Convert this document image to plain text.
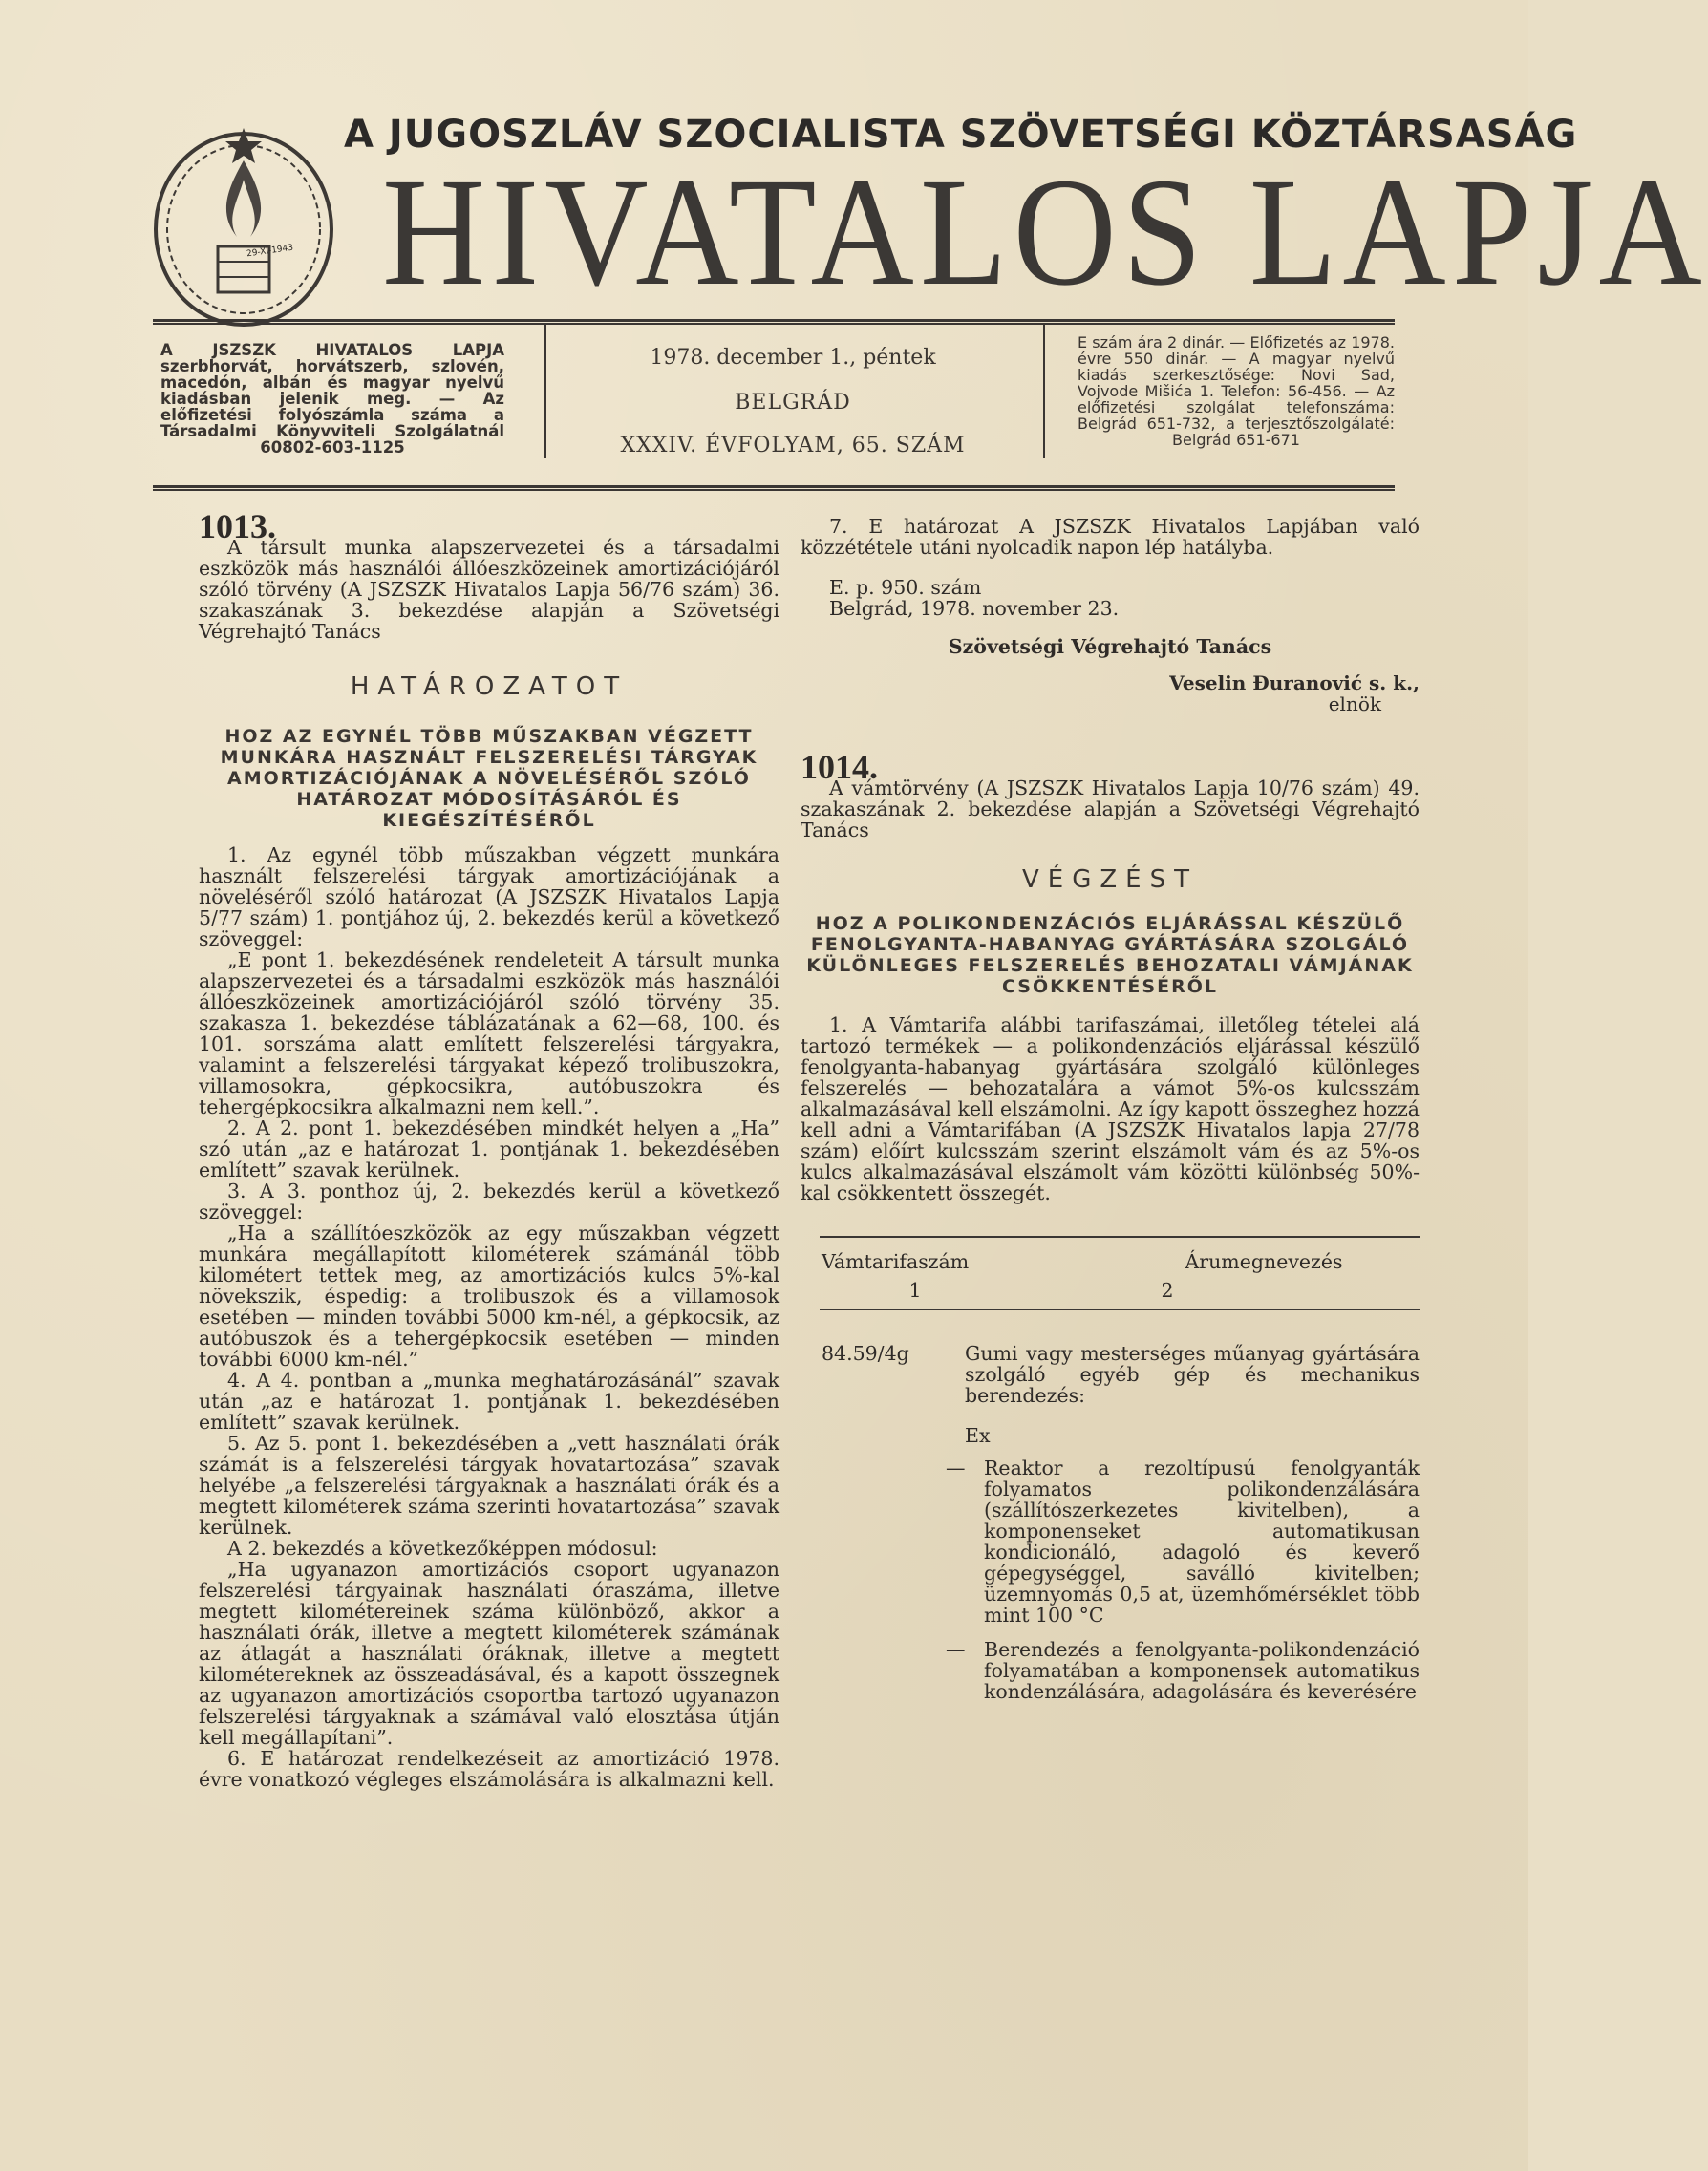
29-XI-1943
A JUGOSZLÁV SZOCIALISTA SZÖVETSÉGI KÖZTÁRSASÁG
HIVATALOS LAPJA
A JSZSZK HIVATALOS LAPJA szerbhorvát, horvátszerb, szlovén, macedón, albán és magyar nyelvű kiadásban jelenik meg. — Az előfizetési folyószámla száma a Társadalmi Könyvviteli Szolgálatnál 60802-603-1125
1978. december 1., péntek
BELGRÁD
XXXIV. ÉVFOLYAM, 65. SZÁM
E szám ára 2 dinár. — Előfizetés az 1978. évre 550 dinár. — A magyar nyelvű kiadás szerkesztősége: Novi Sad, Vojvode Mišića 1. Telefon: 56-456. — Az előfizetési szolgálat telefonszáma: Belgrád 651-732, a terjesztőszolgálaté: Belgrád 651-671
1013.

A társult munka alapszervezetei és a társadalmi eszközök más használói állóeszközeinek amortizációjáról szóló törvény (A JSZSZK Hivatalos Lapja 56/76 szám) 36. szakaszának 3. bekezdése alapján a Szövetségi Végrehajtó Tanács

HATÁROZATOT
HOZ AZ EGYNÉL TÖBB MŰSZAKBAN VÉGZETT MUNKÁRA HASZNÁLT FELSZERELÉSI TÁRGYAK AMORTIZÁCIÓJÁNAK A NÖVELÉSÉRŐL SZÓLÓ HATÁROZAT MÓDOSÍTÁSÁRÓL ÉS KIEGÉSZÍTÉSÉRŐL

1. Az egynél több műszakban végzett munkára használt felszerelési tárgyak amortizációjának a növeléséről szóló határozat (A JSZSZK Hivatalos Lapja 5/77 szám) 1. pontjához új, 2. bekezdés kerül a következő szöveggel:

„E pont 1. bekezdésének rendeleteit A társult munka alapszervezetei és a társadalmi eszközök más használói állóeszközeinek amortizációjáról szóló törvény 35. szakasza 1. bekezdése táblázatának a 62—68, 100. és 101. sorszáma alatt említett felszerelési tárgyakra, valamint a felszerelési tárgyakat képező trolibuszokra, villamosokra, gépkocsikra, autóbuszokra és tehergépkocsikra alkalmazni nem kell.”.

2. A 2. pont 1. bekezdésében mindkét helyen a „Ha” szó után „az e határozat 1. pontjának 1. bekezdésében említett” szavak kerülnek.

3. A 3. ponthoz új, 2. bekezdés kerül a következő szöveggel:

„Ha a szállítóeszközök az egy műszakban végzett munkára megállapított kilométerek számánál több kilométert tettek meg, az amortizációs kulcs 5%-kal növekszik, éspedig: a trolibuszok és a villamosok esetében — minden további 5000 km-nél, a gépkocsik, az autóbuszok és a tehergépkocsik esetében — minden további 6000 km-nél.”

4. A 4. pontban a „munka meghatározásánál” szavak után „az e határozat 1. pontjának 1. bekezdésében említett” szavak kerülnek.

5. Az 5. pont 1. bekezdésében a „vett használati órák számát is a felszerelési tárgyak hovatartozása” szavak helyébe „a felszerelési tárgyaknak a használati órák és a megtett kilométerek száma szerinti hovatartozása” szavak kerülnek.

A 2. bekezdés a következőképpen módosul:

„Ha ugyanazon amortizációs csoport ugyanazon felszerelési tárgyainak használati óraszáma, illetve megtett kilométereinek száma különböző, akkor a használati órák, illetve a megtett kilométerek számának az átlagát a használati óráknak, illetve a megtett kilométereknek az összeadásával, és a kapott összegnek az ugyanazon amortizációs csoportba tartozó ugyanazon felszerelési tárgyaknak a számával való elosztása útján kell megállapítani”.

6. E határozat rendelkezéseit az amortizáció 1978. évre vonatkozó végleges elszámolására is alkalmazni kell.

7. E határozat A JSZSZK Hivatalos Lapjában való közzététele utáni nyolcadik napon lép hatályba.

E. p. 950. szám

Belgrád, 1978. november 23.

Szövetségi Végrehajtó Tanács
Veselin Đuranović s. k.,
elnök
1014.

A vámtörvény (A JSZSZK Hivatalos Lapja 10/76 szám) 49. szakaszának 2. bekezdése alapján a Szövetségi Végrehajtó Tanács

VÉGZÉST
HOZ A POLIKONDENZÁCIÓS ELJÁRÁSSAL KÉSZÜLŐ FENOLGYANTA-HABANYAG GYÁRTÁSÁRA SZOLGÁLÓ KÜLÖNLEGES FELSZERELÉS BEHOZATALI VÁMJÁNAK CSÖKKENTÉSÉRŐL

1. A Vámtarifa alábbi tarifaszámai, illetőleg tételei alá tartozó termékek — a polikondenzációs eljárással készülő fenolgyanta-habanyag gyártására szolgáló különleges felszerelés — behozatalára a vámot 5%-os kulcsszám alkalmazásával kell elszámolni. Az így kapott összeghez hozzá kell adni a Vámtarifában (A JSZSZK Hivatalos lapja 27/78 szám) előírt kulcsszám szerint elszámolt vám és az 5%-os kulcs alkalmazásával elszámolt vám közötti különbség 50%-kal csökkentett összegét.

Vámtarifaszám	Árumegnevezés
1	2
84.59/4g	Gumi vagy mesterséges műanyag gyártására szolgáló egyéb gép és mechanikus berendezés:
Ex
— Reaktor a rezoltípusú fenolgyanták folyamatos polikondenzálására (szállítószerkezetes kivitelben), a komponenseket automatikusan kondicionáló, adagoló és keverő gépegységgel, saválló kivitelben; üzemnyomás 0,5 at, üzemhőmérséklet több mint 100 °C
— Berendezés a fenolgyanta-polikondenzáció folyamatában a komponensek automatikus kondenzálására, adagolására és keverésére
